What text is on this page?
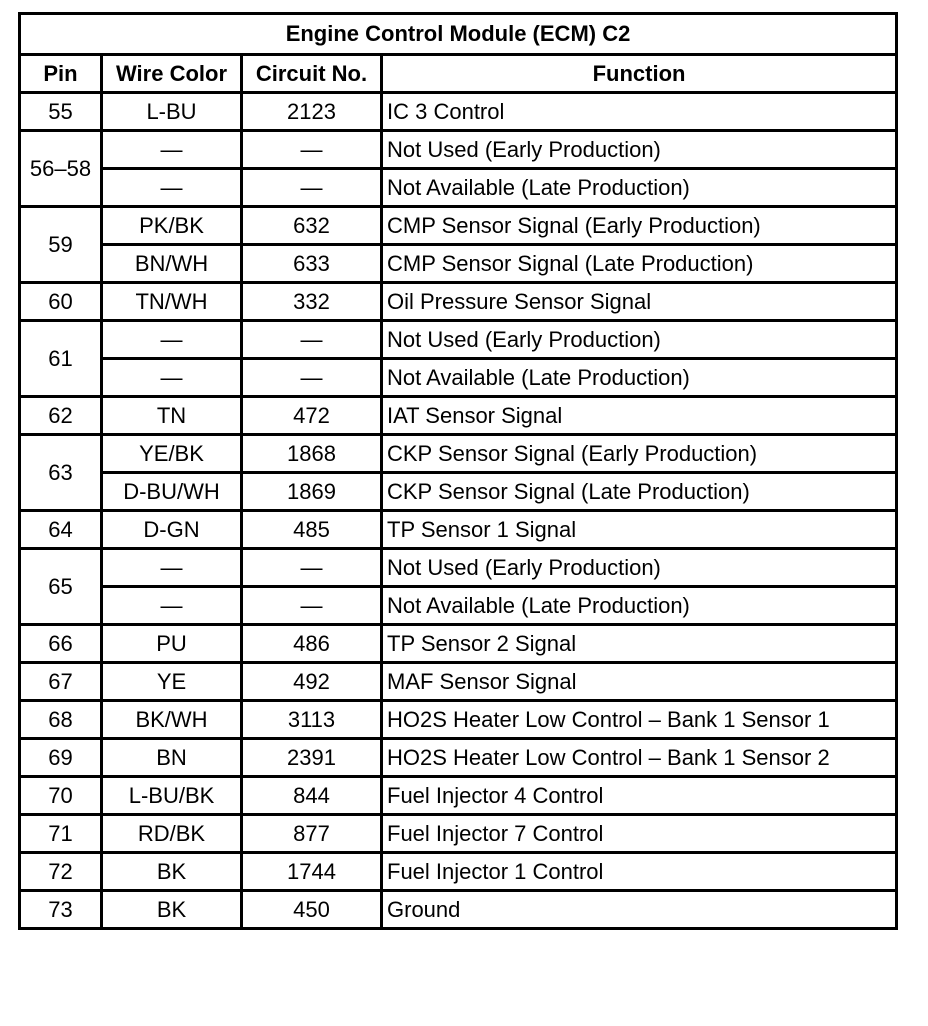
Engine Control Module (ECM) C2			
Pin	Wire Color	Circuit No.	Function
55	L-BU	2123	IC 3 Control
56–58	—	—	Not Used (Early Production)
	—	—	Not Available (Late Production)
59	PK/BK	632	CMP Sensor Signal (Early Production)
	BN/WH	633	CMP Sensor Signal (Late Production)
60	TN/WH	332	Oil Pressure Sensor Signal
61	—	—	Not Used (Early Production)
	—	—	Not Available (Late Production)
62	TN	472	IAT Sensor Signal
63	YE/BK	1868	CKP Sensor Signal (Early Production)
	D-BU/WH	1869	CKP Sensor Signal (Late Production)
64	D-GN	485	TP Sensor 1 Signal
65	—	—	Not Used (Early Production)
	—	—	Not Available (Late Production)
66	PU	486	TP Sensor 2 Signal
67	YE	492	MAF Sensor Signal
68	BK/WH	3113	HO2S Heater Low Control – Bank 1 Sensor 1
69	BN	2391	HO2S Heater Low Control – Bank 1 Sensor 2
70	L-BU/BK	844	Fuel Injector 4 Control
71	RD/BK	877	Fuel Injector 7 Control
72	BK	1744	Fuel Injector 1 Control
73	BK	450	Ground
